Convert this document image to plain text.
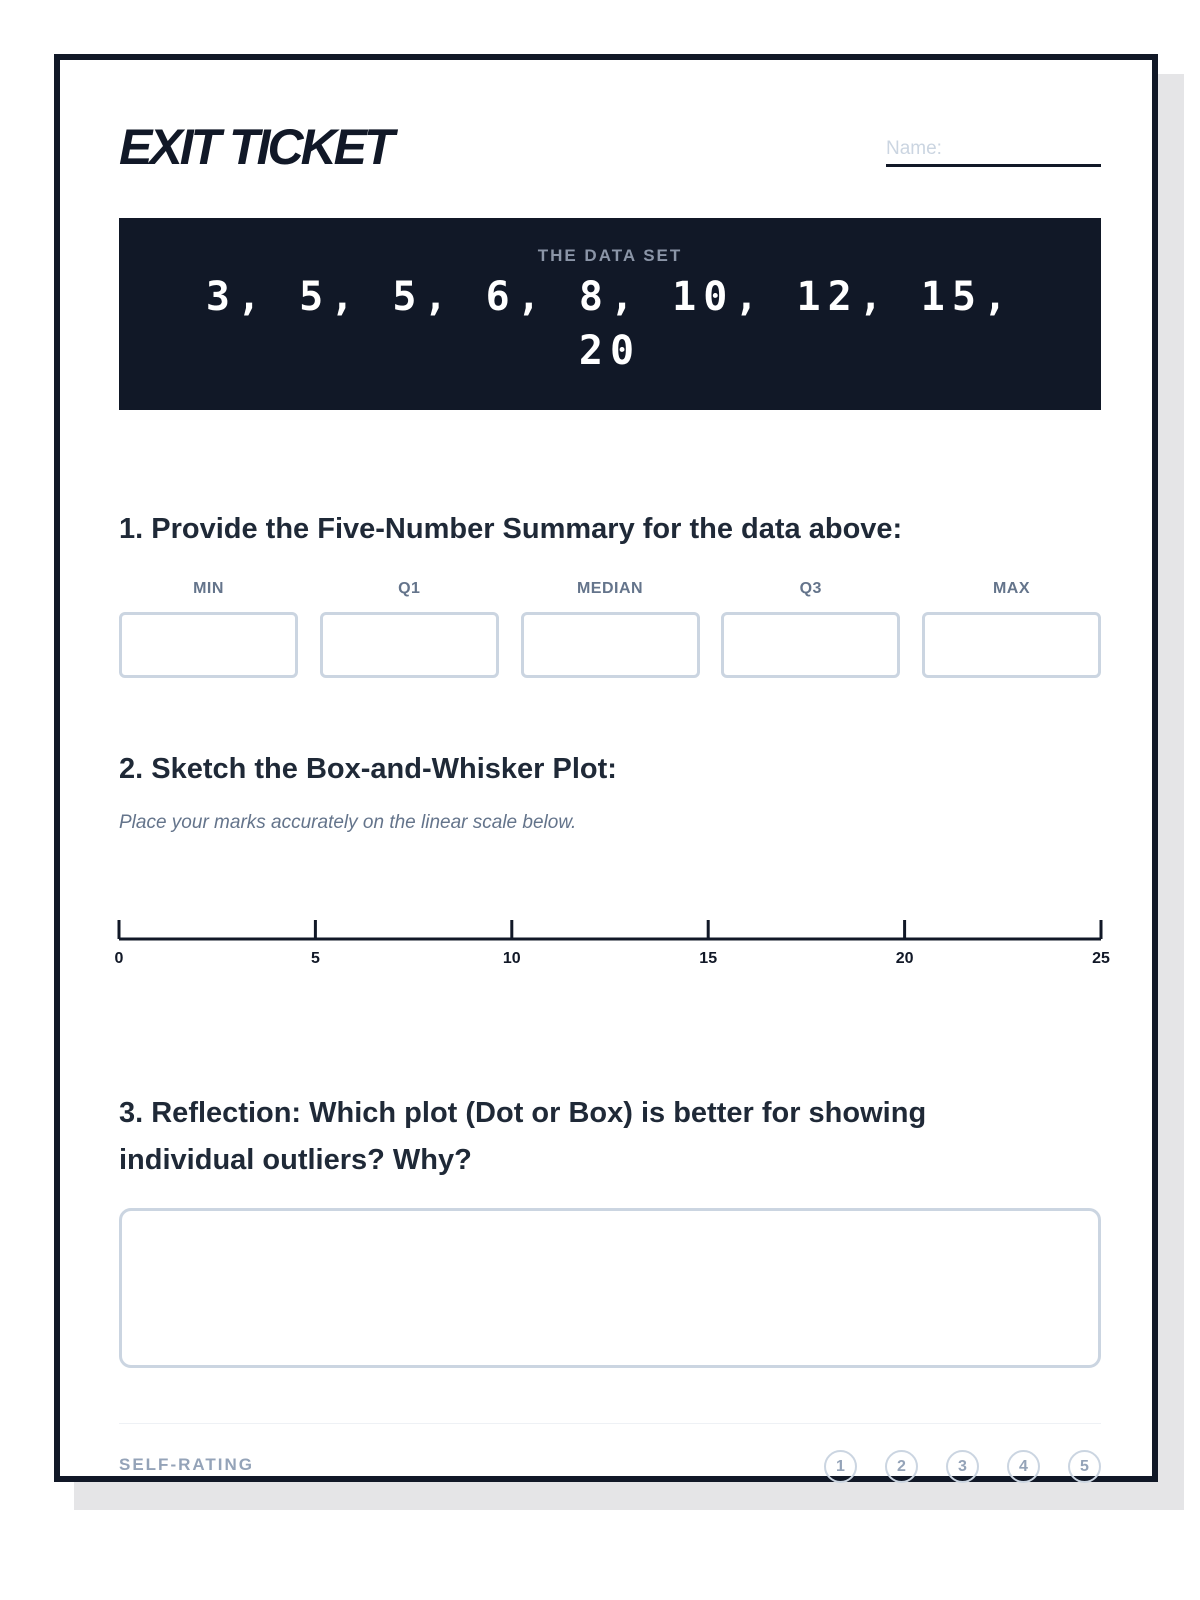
EXIT TICKET
Name:
THE DATA SET
3, 5, 5, 6, 8, 10, 12, 15, 20
1. Provide the Five-Number Summary for the data above:
MIN	Q1	MEDIAN	Q3	MAX
2. Sketch the Box-and-Whisker Plot:
Place your marks accurately on the linear scale below.
0	5	10	15	20	25
3. Reflection: Which plot (Dot or Box) is better for showing individual outliers? Why?
SELF-RATING	1	2	3	4	5
